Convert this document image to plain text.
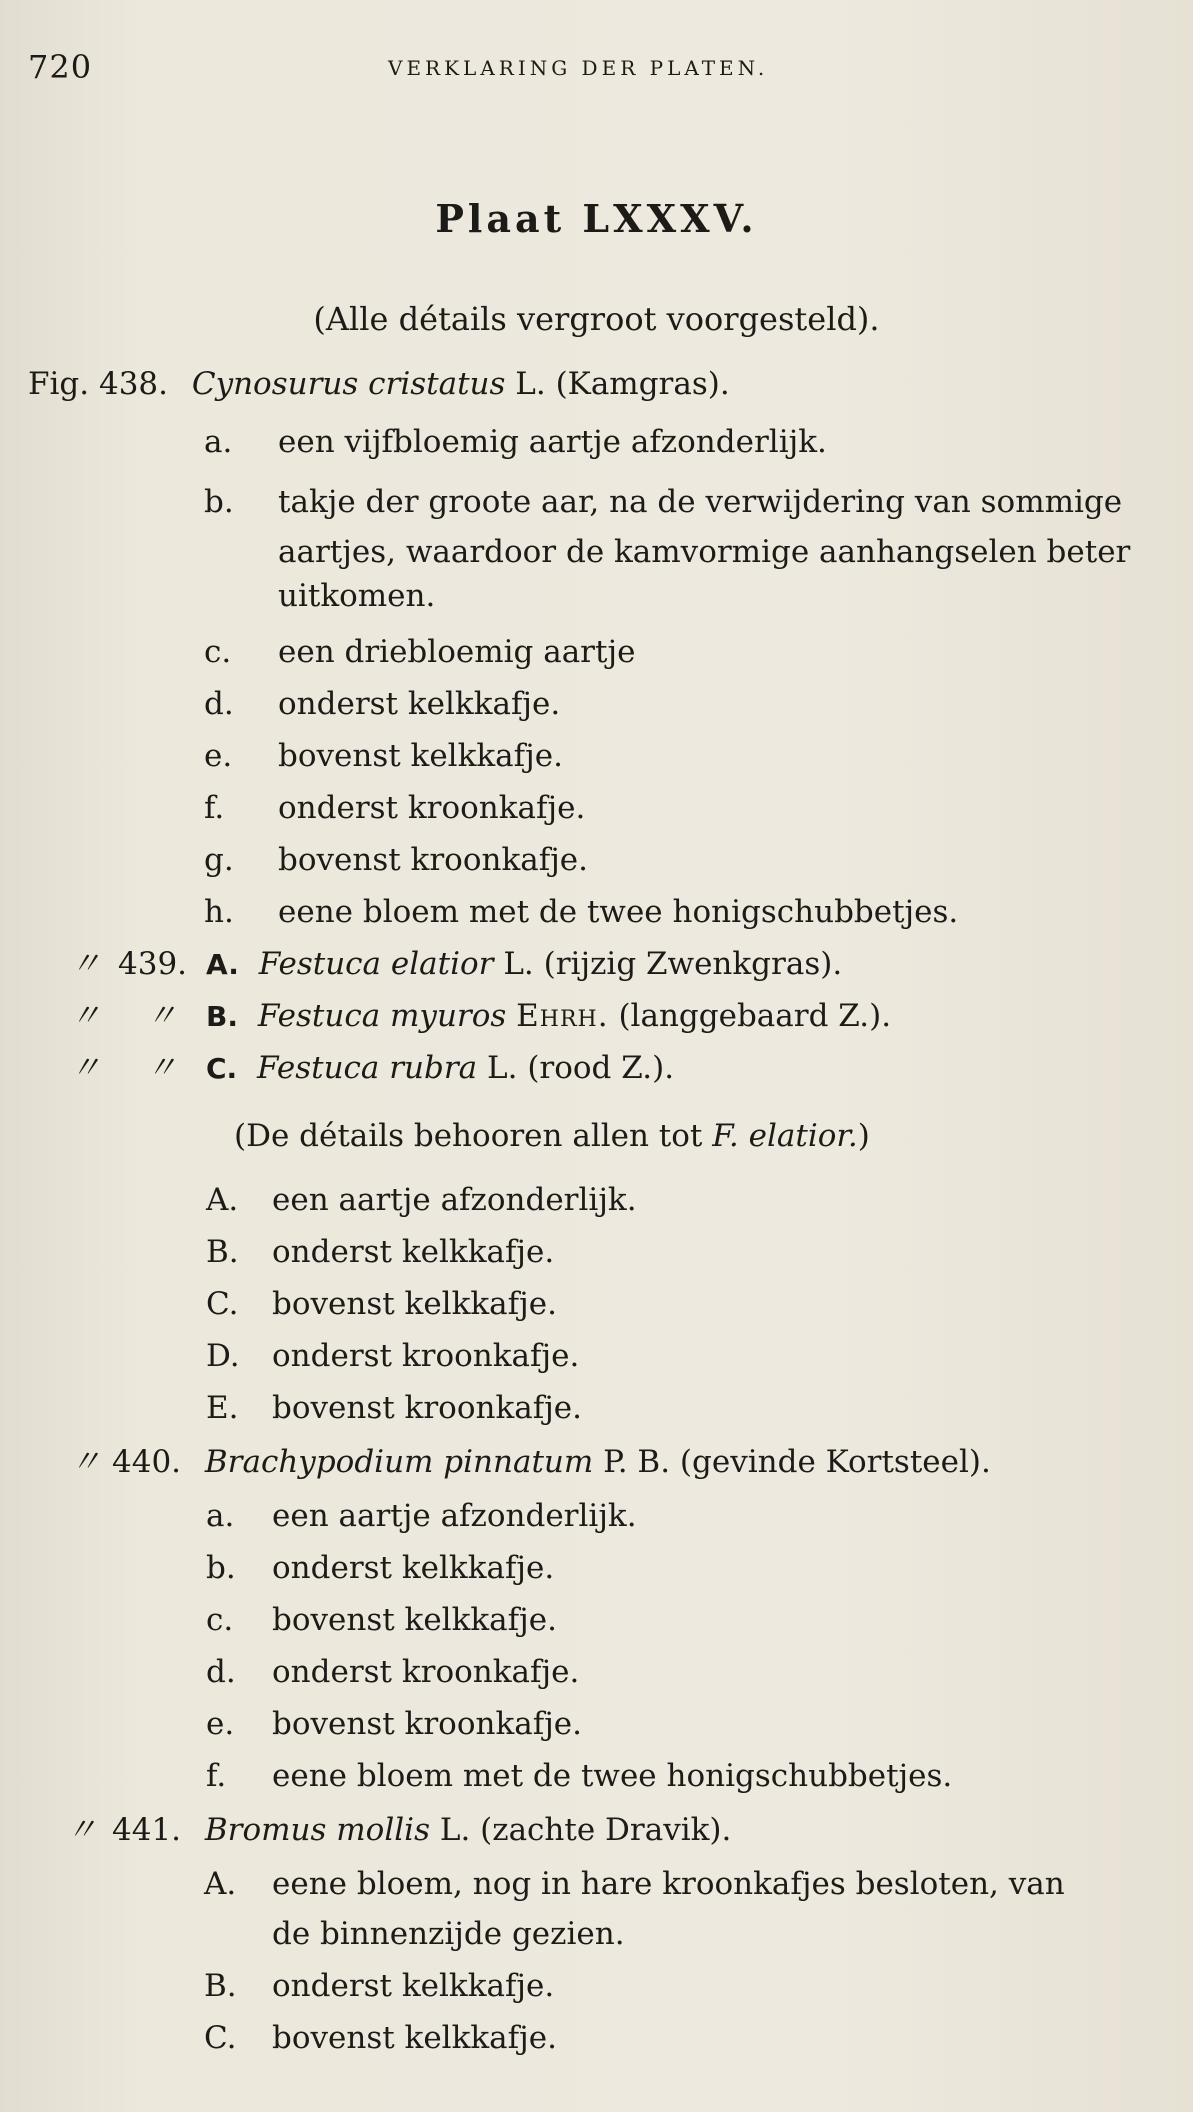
720	VERKLARING DER PLATEN.
Plaat LXXXV.
(Alle détails vergroot voorgesteld).
Fig. 438. Cynosurus cristatus L. (Kamgras).
a. een vijfbloemig aartje afzonderlijk.
b. takje der groote aar, na de verwijdering van sommige
aartjes, waardoor de kamvormige aanhangselen beter
uitkomen.
c. een driebloemig aartje
d. onderst kelkkafje.
e. bovenst kelkkafje.
f. onderst kroonkafje.
g. bovenst kroonkafje.
h. eene bloem met de twee honigschubbetjes.
〃 439. A. Festuca elatior L. (rijzig Zwenkgras).
〃 〃 B. Festuca myuros Ehrh. (langgebaard Z.).
〃 〃 C. Festuca rubra L. (rood Z.).
(De détails behooren allen tot F. elatior.)
A. een aartje afzonderlijk.
B. onderst kelkkafje.
C. bovenst kelkkafje.
D. onderst kroonkafje.
E. bovenst kroonkafje.
〃 440. Brachypodium pinnatum P. B. (gevinde Kortsteel).
a. een aartje afzonderlijk.
b. onderst kelkkafje.
c. bovenst kelkkafje.
d. onderst kroonkafje.
e. bovenst kroonkafje.
f. eene bloem met de twee honigschubbetjes.
〃 441. Bromus mollis L. (zachte Dravik).
A. eene bloem, nog in hare kroonkafjes besloten, van
de binnenzijde gezien.
B. onderst kelkkafje.
C. bovenst kelkkafje.
